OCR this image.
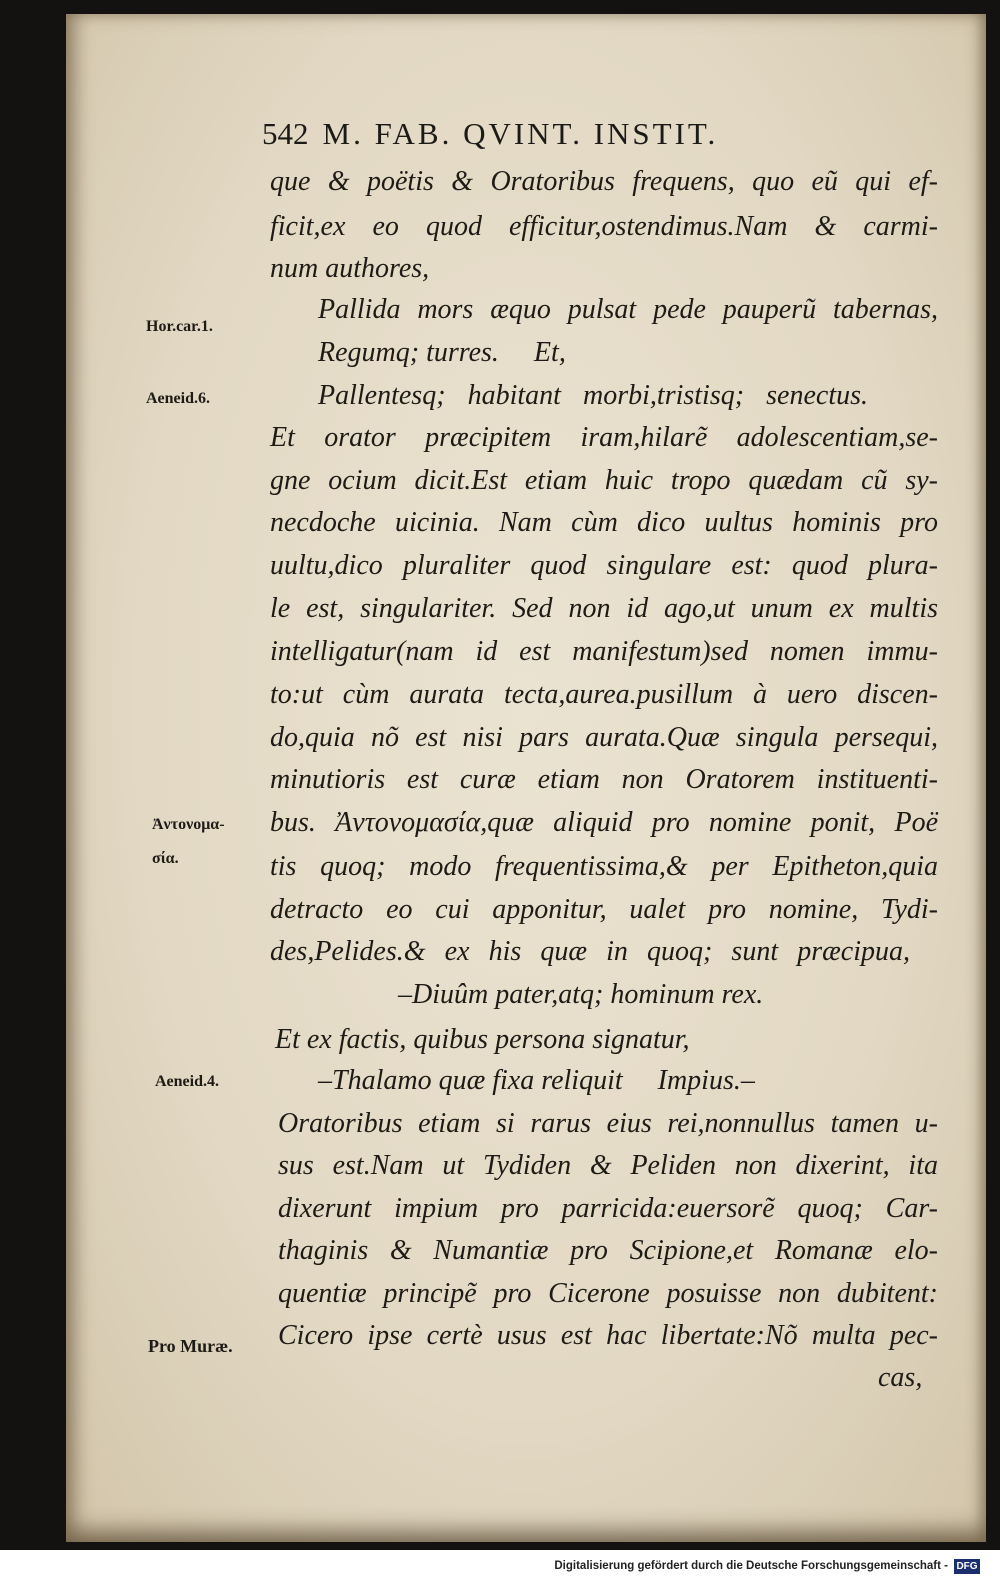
542 M. FAB. QVINT. INSTIT.
que & poëtis & Oratoribus frequens, quo eũ qui ef-
ficit,ex eo quod efficitur,ostendimus.Nam & carmi-
num authores,
Pallida mors æquo pulsat pede pauperũ tabernas,
Regumq; turres.     Et,
Pallentesq; habitant morbi,tristisq; senectus.
Et orator præcipitem iram,hilarẽ adolescentiam,se-
gne ocium dicit.Est etiam huic tropo quædam cũ sy-
necdoche uicinia. Nam cùm dico uultus hominis pro
uultu,dico pluraliter quod singulare est: quod plura-
le est, singulariter. Sed non id ago,ut unum ex multis
intelligatur(nam id est manifestum)sed nomen immu-
to:ut cùm aurata tecta,aurea.pusillum à uero discen-
do,quia nõ est nisi pars aurata.Quæ singula persequi,
minutioris est curæ etiam non Oratorem instituenti-
bus. Ἀντονομασία,quæ aliquid pro nomine ponit, Poë
tis quoq; modo frequentissima,& per Epitheton,quia
detracto eo cui apponitur, ualet pro nomine, Tydi-
des,Pelides.& ex his quæ in quoq; sunt præcipua,
–Diuûm pater,atq; hominum rex.
Et ex factis, quibus persona signatur,
–Thalamo quæ fixa reliquit     Impius.–
Oratoribus etiam si rarus eius rei,nonnullus tamen u-
sus est.Nam ut Tydiden & Peliden non dixerint, ita
dixerunt impium pro parricida:euersorẽ quoq; Car-
thaginis & Numantiæ pro Scipione,et Romanæ elo-
quentiæ principẽ pro Cicerone posuisse non dubitent:
Cicero ipse certè usus est hac libertate:Nõ multa pec-
cas,
Hor.car.1.
Aeneid.6.
Ἀντονομα-
σία.
Aeneid.4.
Pro Muræ.
Digitalisierung gefördert durch die Deutsche Forschungsgemeinschaft - DFG
